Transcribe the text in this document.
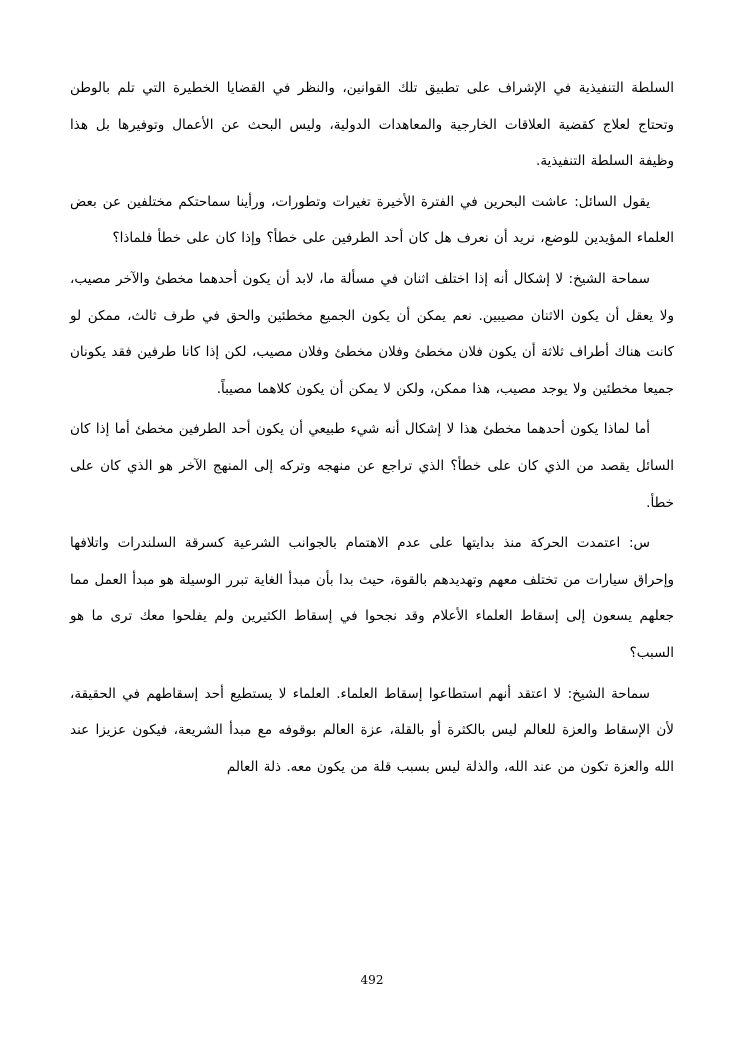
السلطة التنفيذية في الإشراف على تطبيق تلك القوانين، والنظر في القضايا الخطيرة التي تلم بالوطن وتحتاج لعلاج كقضية العلاقات الخارجية والمعاهدات الدولية، وليس البحث عن الأعمال وتوفيرها بل هذا وظيفة السلطة التنفيذية.

يقول السائل: عاشت البحرين في الفترة الأخيرة تغيرات وتطورات، ورأينا سماحتكم مختلفين عن بعض العلماء المؤيدين للوضع، نريد أن نعرف هل كان أحد الطرفين على خطأ؟ وإذا كان على خطأ فلماذا؟

سماحة الشيخ: لا إشكال أنه إذا اختلف اثنان في مسألة ما، لابد أن يكون أحدهما مخطئ والآخر مصيب، ولا يعقل أن يكون الاثنان مصيبين. نعم يمكن أن يكون الجميع مخطئين والحق في طرف ثالث، ممكن لو كانت هناك أطراف ثلاثة أن يكون فلان مخطئ وفلان مخطئ وفلان مصيب، لكن إذا كانا طرفين فقد يكونان جميعا مخطئين ولا يوجد مصيب، هذا ممكن، ولكن لا يمكن أن يكون كلاهما مصيباً.

أما لماذا يكون أحدهما مخطئ هذا لا إشكال أنه شيء طبيعي أن يكون أحد الطرفين مخطئ أما إذا كان السائل يقصد من الذي كان على خطأ؟ الذي تراجع عن منهجه وتركه إلى المنهج الآخر هو الذي كان على خطأ.

س: اعتمدت الحركة منذ بدايتها على عدم الاهتمام بالجوانب الشرعية كسرقة السلندرات واتلافها وإحراق سيارات من تختلف معهم وتهديدهم بالقوة، حيث بدا بأن مبدأ الغاية تبرر الوسيلة هو مبدأ العمل مما جعلهم يسعون إلى إسقاط العلماء الأعلام وقد نجحوا في إسقاط الكثيرين ولم يفلحوا معك ترى ما هو السبب؟

سماحة الشيخ: لا اعتقد أنهم استطاعوا إسقاط العلماء. العلماء لا يستطيع أحد إسقاطهم في الحقيقة، لأن الإسقاط والعزة للعالم ليس بالكثرة أو بالقلة، عزة العالم بوقوفه مع مبدأ الشريعة، فيكون عزيزا عند الله والعزة تكون من عند الله، والذلة ليس بسبب قلة من يكون معه. ذلة العالم

492
